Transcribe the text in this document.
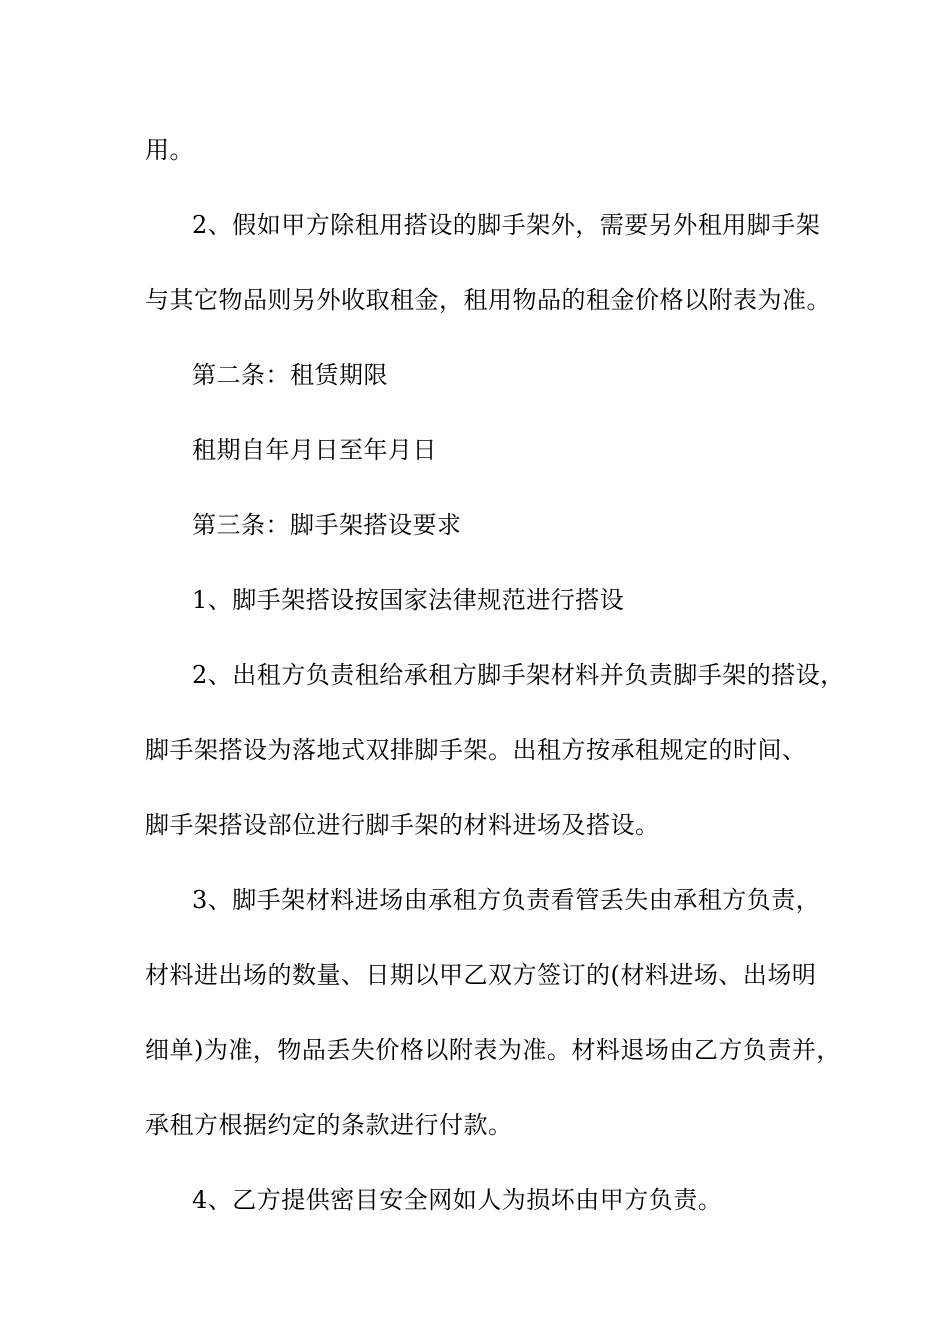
用。
2、假如甲方除租用搭设的脚手架外，需要另外租用脚手架
与其它物品则另外收取租金，租用物品的租金价格以附表为准。
第二条：租赁期限
租期自年月日至年月日
第三条：脚手架搭设要求
1、脚手架搭设按国家法律规范进行搭设
2、出租方负责租给承租方脚手架材料并负责脚手架的搭设，
脚手架搭设为落地式双排脚手架。出租方按承租规定的时间、
脚手架搭设部位进行脚手架的材料进场及搭设。
3、脚手架材料进场由承租方负责看管丢失由承租方负责，
材料进出场的数量、日期以甲乙双方签订的(材料进场、出场明
细单)为准，物品丢失价格以附表为准。材料退场由乙方负责并，
承租方根据约定的条款进行付款。
4、乙方提供密目安全网如人为损坏由甲方负责。
